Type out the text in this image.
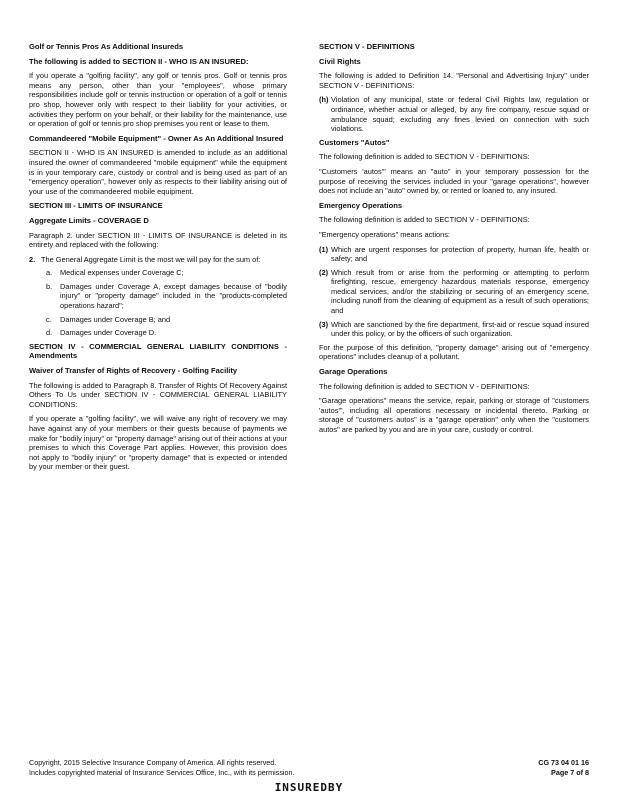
Golf or Tennis Pros As Additional Insureds
The following is added to SECTION II - WHO IS AN INSURED:
If you operate a "golfing facility", any golf or tennis pros. Golf or tennis pros means any person, other than your "employees", whose primary responsibilities include golf or tennis instruction or operation of a golf or tennis pro shop, however only with respect to their liability for your activities, or activities they perform on your behalf, or their liability for the maintenance, use or operation of golf or tennis pro shop premises you rent or lease to them.
Commandeered "Mobile Equipment" - Owner As An Additional Insured
SECTION II - WHO IS AN INSURED is amended to include as an additional insured the owner of commandeered "mobile equipment" while the equipment is in your temporary care, custody or control and is being used as part of an "emergency operation", however only as respects to their liability arising out of your use of the commandeered mobile equipment.
SECTION III - LIMITS OF INSURANCE
Aggregate Limits - COVERAGE D
Paragraph 2. under SECTION III - LIMITS OF INSURANCE is deleted in its entirety and replaced with the following:
2. The General Aggregate Limit is the most we will pay for the sum of:
a.	Medical expenses under Coverage C;
b.	Damages under Coverage A, except damages because of "bodily injury" or "property damage" included in the "products-completed operations hazard";
c.	Damages under Coverage B; and
d.	Damages under Coverage D.
SECTION IV - COMMERCIAL GENERAL LIABILITY CONDITIONS - Amendments
Waiver of Transfer of Rights of Recovery - Golfing Facility
The following is added to Paragraph 8. Transfer of Rights Of Recovery Against Others To Us under SECTION IV - COMMERCIAL GENERAL LIABILITY CONDITIONS:
If you operate a "golfing facility", we will waive any right of recovery we may have against any of your members or their guests because of payments we make for "bodily injury" or "property damage" arising out of their actions at your premises to which this Coverage Part applies. However, this provision does not apply to "bodily injury" or "property damage" that is expected or intended by your member or their guest.
SECTION V - DEFINITIONS
Civil Rights
The following is added to Definition 14. "Personal and Advertising Injury" under SECTION V - DEFINITIONS:
(h) Violation of any municipal, state or federal Civil Rights law, regulation or ordinance, whether actual or alleged, by any fire company, rescue squad or ambulance squad; excluding any fines levied on connection with such violations.
Customers "Autos"
The following definition is added to SECTION V - DEFINITIONS:
"Customers 'autos'" means an "auto" in your temporary possession for the purpose of receiving the services included in your "garage operations", however does not include an "auto" owned by, or rented or loaned to, any insured.
Emergency Operations
The following definition is added to SECTION V - DEFINITIONS:
"Emergency operations" means actions:
(1) Which are urgent responses for protection of property, human life, health or safety; and
(2) Which result from or arise from the performing or attempting to perform firefighting, rescue, emergency hazardous materials response, emergency medical services, and/or the stabilizing or securing of an emergency scene, including runoff from the cleaning of equipment as a result of such operations; and
(3) Which are sanctioned by the fire department, first-aid or rescue squad insured under this policy, or by the officers of such organization.
For the purpose of this definition, "property damage" arising out of "emergency operations" includes cleanup of a pollutant.
Garage Operations
The following definition is added to SECTION V - DEFINITIONS:
"Garage operations" means the service, repair, parking or storage of "customers 'autos'", including all operations necessary or incidental thereto. Parking or storage of "customers autos" is a "garage operation" only when the "customers autos" are parked by you and are in your care, custody or control.
Copyright, 2015 Selective Insurance Company of America. All rights reserved.
Includes copyrighted material of Insurance Services Office, Inc., with its permission.
CG 73 04 01 16
Page 7 of 8
INSUREDBY
